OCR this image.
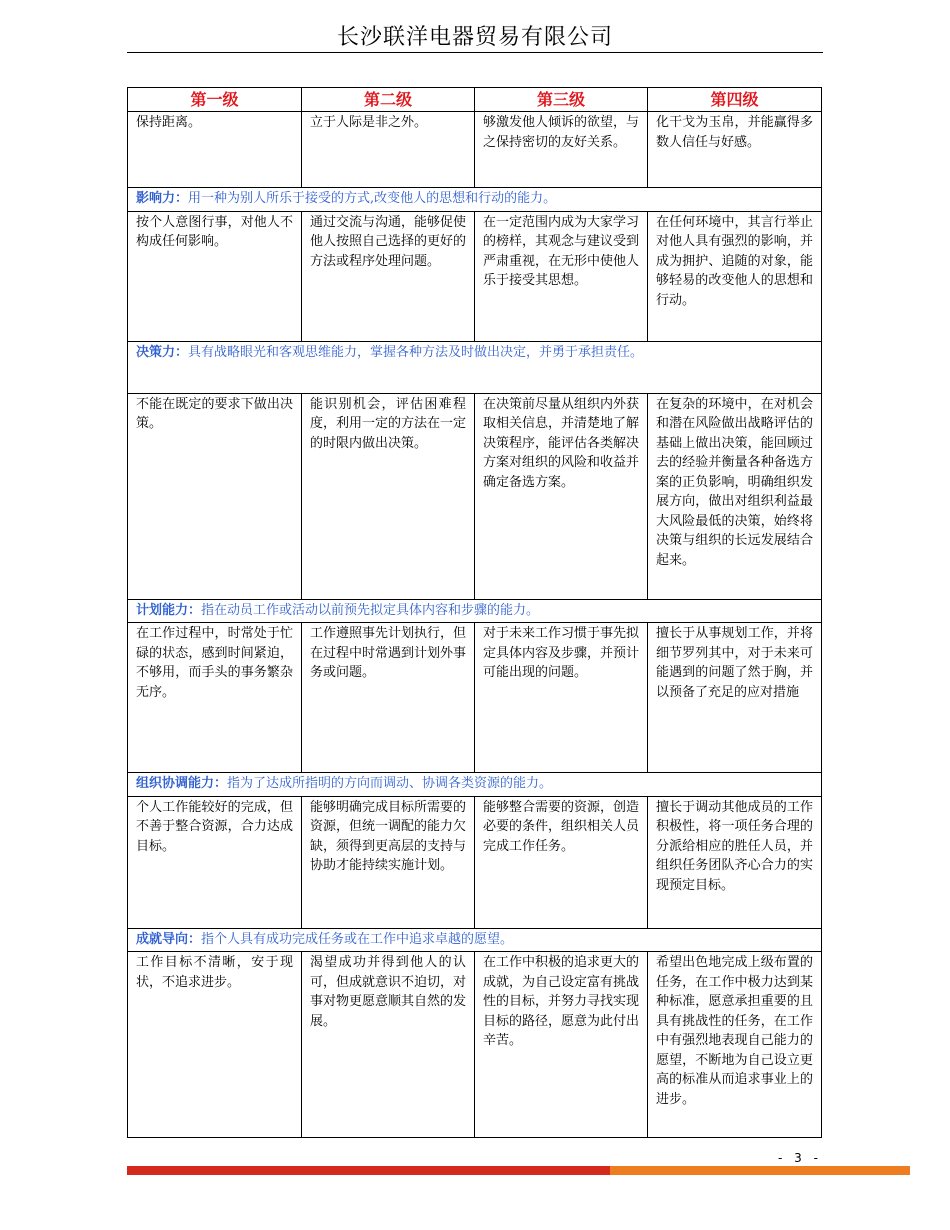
长沙联洋电器贸易有限公司
第一级	第二级	第三级	第四级
保持距离。	立于人际是非之外。	够激发他人倾诉的欲望，与之保持密切的友好关系。	化干戈为玉帛，并能赢得多数人信任与好感。
影响力：用一种为别人所乐于接受的方式,改变他人的思想和行动的能力。			
按个人意图行事，对他人不构成任何影响。	通过交流与沟通，能够促使他人按照自己选择的更好的方法或程序处理问题。	在一定范围内成为大家学习的榜样，其观念与建议受到严肃重视，在无形中使他人乐于接受其思想。	在任何环境中，其言行举止对他人具有强烈的影响，并成为拥护、追随的对象，能够轻易的改变他人的思想和行动。
决策力：具有战略眼光和客观思维能力，掌握各种方法及时做出决定，并勇于承担责任。			
不能在既定的要求下做出决策。	能识别机会，评估困难程度，利用一定的方法在一定的时限内做出决策。	在决策前尽量从组织内外获取相关信息，并清楚地了解决策程序，能评估各类解决方案对组织的风险和收益并确定备选方案。	在复杂的环境中，在对机会和潜在风险做出战略评估的基础上做出决策，能回顾过去的经验并衡量各种备选方案的正负影响，明确组织发展方向，做出对组织利益最大风险最低的决策，始终将决策与组织的长远发展结合起来。
计划能力：指在动员工作或活动以前预先拟定具体内容和步骤的能力。			
在工作过程中，时常处于忙碌的状态，感到时间紧迫，不够用，而手头的事务繁杂无序。	工作遵照事先计划执行，但在过程中时常遇到计划外事务或问题。	对于未来工作习惯于事先拟定具体内容及步骤，并预计可能出现的问题。	擅长于从事规划工作，并将细节罗列其中，对于未来可能遇到的问题了然于胸，并以预备了充足的应对措施
组织协调能力：指为了达成所指明的方向而调动、协调各类资源的能力。			
个人工作能较好的完成，但不善于整合资源，合力达成目标。	能够明确完成目标所需要的资源，但统一调配的能力欠缺，须得到更高层的支持与协助才能持续实施计划。	能够整合需要的资源，创造必要的条件，组织相关人员完成工作任务。	擅长于调动其他成员的工作积极性，将一项任务合理的分派给相应的胜任人员，并组织任务团队齐心合力的实现预定目标。
成就导向：指个人具有成功完成任务或在工作中追求卓越的愿望。			
工作目标不清晰，安于现状，不追求进步。	渴望成功并得到他人的认可，但成就意识不迫切，对事对物更愿意顺其自然的发展。	在工作中积极的追求更大的成就，为自己设定富有挑战性的目标，并努力寻找实现目标的路径，愿意为此付出辛苦。	希望出色地完成上级布置的任务，在工作中极力达到某种标准，愿意承担重要的且具有挑战性的任务，在工作中有强烈地表现自己能力的愿望，不断地为自己设立更高的标准从而追求事业上的进步。
- 3 -
